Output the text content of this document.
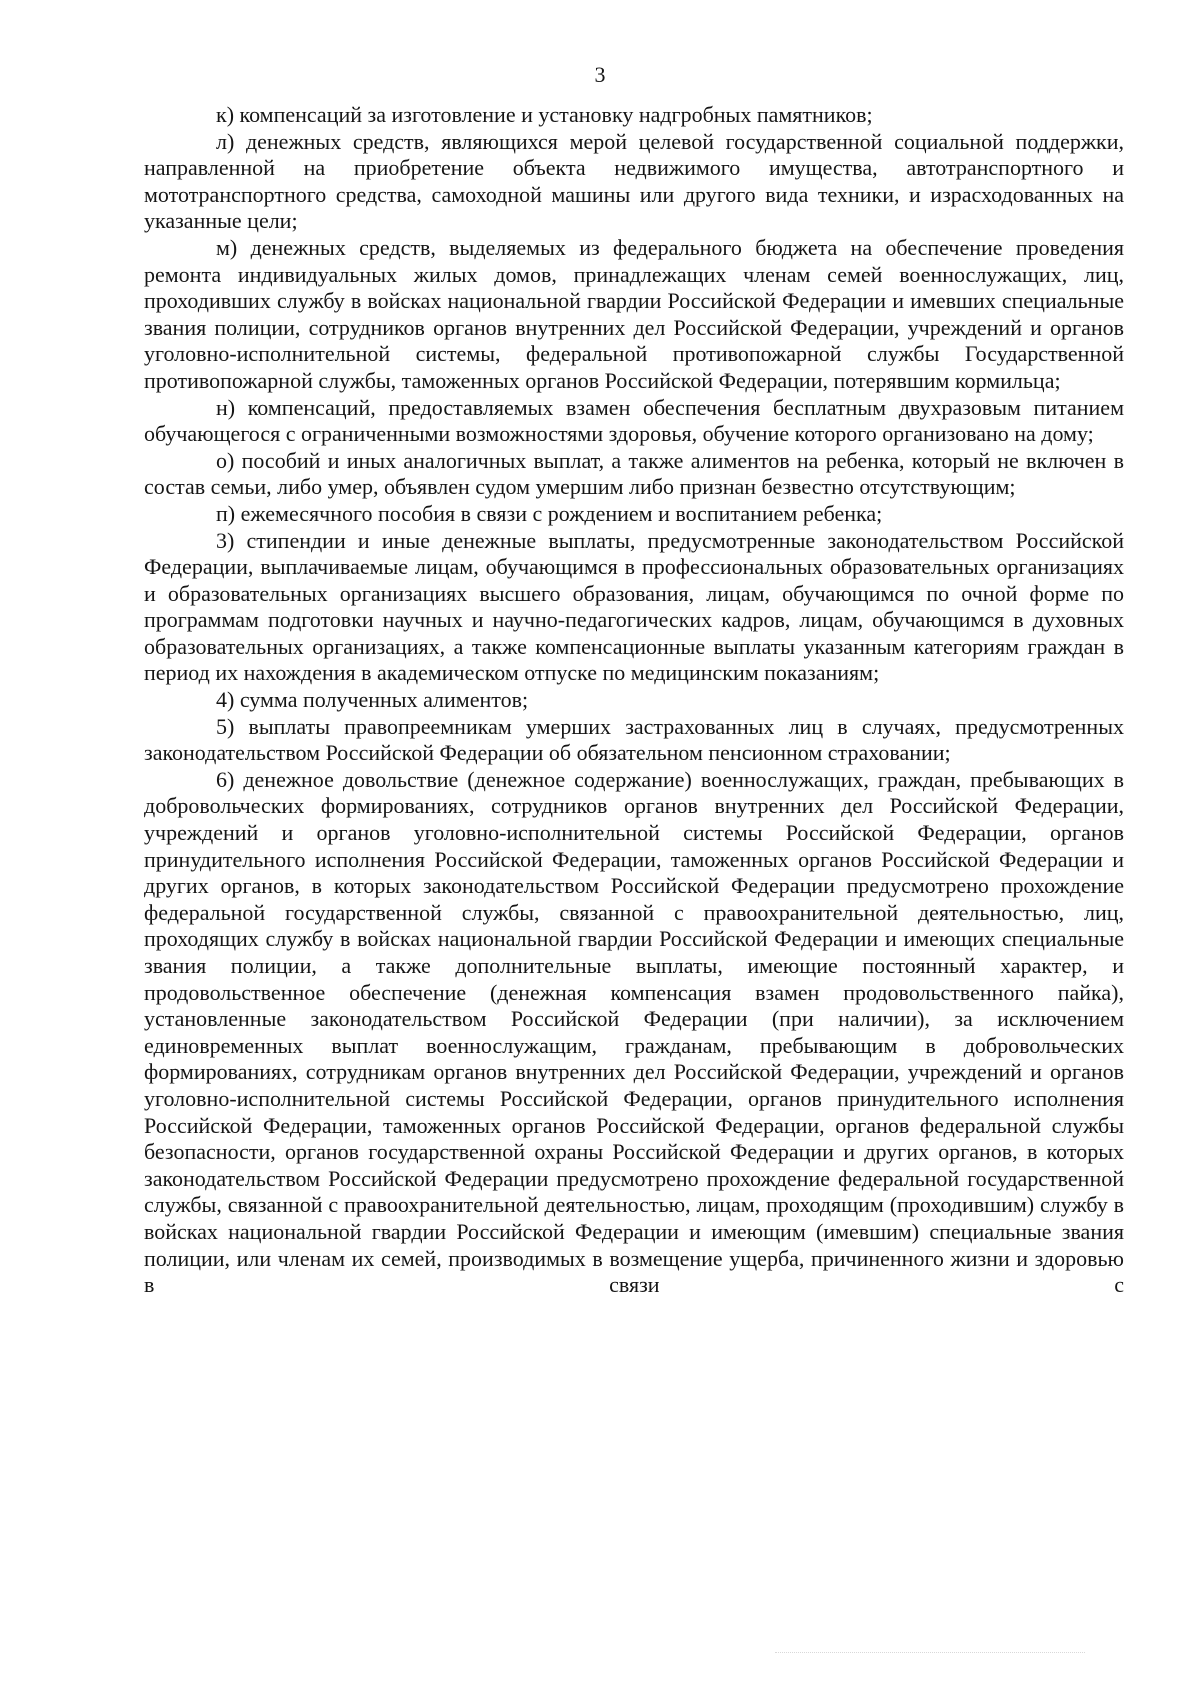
3

к) компенсаций за изготовление и установку надгробных памятников;

л) денежных средств, являющихся мерой целевой государственной социальной поддержки, направленной на приобретение объекта недвижимого имущества, автотранспортного и мототранспортного средства, самоходной машины или другого вида техники, и израсходованных на указанные цели;

м) денежных средств, выделяемых из федерального бюджета на обеспечение проведения ремонта индивидуальных жилых домов, принадлежащих членам семей военнослужащих, лиц, проходивших службу в войсках национальной гвардии Российской Федерации и имевших специальные звания полиции, сотрудников органов внутренних дел Российской Федерации, учреждений и органов уголовно-исполнительной системы, федеральной противопожарной службы Государственной противопожарной службы, таможенных органов Российской Федерации, потерявшим кормильца;

н) компенсаций, предоставляемых взамен обеспечения бесплатным двухразовым питанием обучающегося с ограниченными возможностями здоровья, обучение которого организовано на дому;

о) пособий и иных аналогичных выплат, а также алиментов на ребенка, который не включен в состав семьи, либо умер, объявлен судом умершим либо признан безвестно отсутствующим;

п) ежемесячного пособия в связи с рождением и воспитанием ребенка;

3) стипендии и иные денежные выплаты, предусмотренные законодательством Российской Федерации, выплачиваемые лицам, обучающимся в профессиональных образовательных организациях и образовательных организациях высшего образования, лицам, обучающимся по очной форме по программам подготовки научных и научно-педагогических кадров, лицам, обучающимся в духовных образовательных организациях, а также компенсационные выплаты указанным категориям граждан в период их нахождения в академическом отпуске по медицинским показаниям;

4) сумма полученных алиментов;

5) выплаты правопреемникам умерших застрахованных лиц в случаях, предусмотренных законодательством Российской Федерации об обязательном пенсионном страховании;

6) денежное довольствие (денежное содержание) военнослужащих, граждан, пребывающих в добровольческих формированиях, сотрудников органов внутренних дел Российской Федерации, учреждений и органов уголовно-исполнительной системы Российской Федерации, органов принудительного исполнения Российской Федерации, таможенных органов Российской Федерации и других органов, в которых законодательством Российской Федерации предусмотрено прохождение федеральной государственной службы, связанной с правоохранительной деятельностью, лиц, проходящих службу в войсках национальной гвардии Российской Федерации и имеющих специальные звания полиции, а также дополнительные выплаты, имеющие постоянный характер, и продовольственное обеспечение (денежная компенсация взамен продовольственного пайка), установленные законодательством Российской Федерации (при наличии), за исключением единовременных выплат военнослужащим, гражданам, пребывающим в добровольческих формированиях, сотрудникам органов внутренних дел Российской Федерации, учреждений и органов уголовно-исполнительной системы Российской Федерации, органов принудительного исполнения Российской Федерации, таможенных органов Российской Федерации, органов федеральной службы безопасности, органов государственной охраны Российской Федерации и других органов, в которых законодательством Российской Федерации предусмотрено прохождение федеральной государственной службы, связанной с правоохранительной деятельностью, лицам, проходящим (проходившим) службу в войсках национальной гвардии Российской Федерации и имеющим (имевшим) специальные звания полиции, или членам их семей, производимых в возмещение ущерба, причиненного жизни и здоровью в связи с
